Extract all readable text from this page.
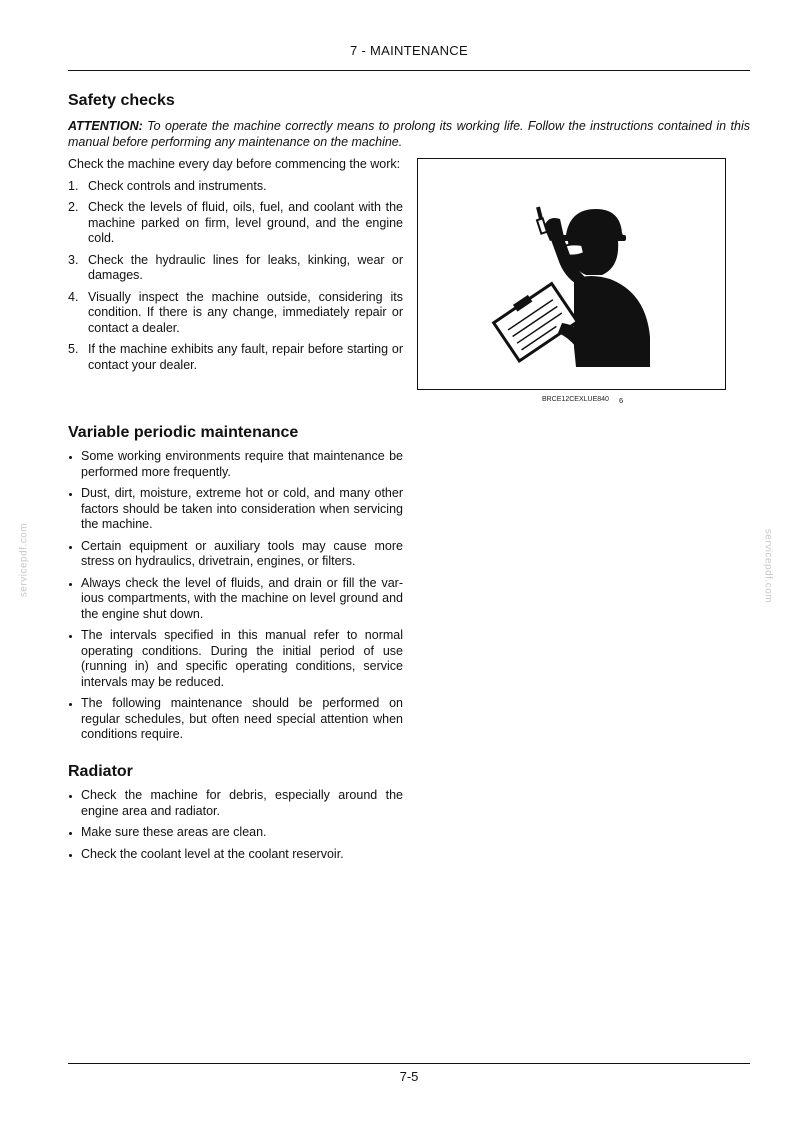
7 - MAINTENANCE
Safety checks

ATTENTION: To operate the machine correctly means to prolong its working life. Follow the instructions contained in this manual before performing any maintenance on the machine.

Check the machine every day before commencing the work:

1. Check controls and instruments.
2. Check the levels of fluid, oils, fuel, and coolant with the machine parked on firm, level ground, and the engine cold.
3. Check the hydraulic lines for leaks, kinking, wear or damages.
4. Visually inspect the machine outside, considering its condition. If there is any change, immediately repair or contact a dealer.
5. If the machine exhibits any fault, repair before starting or contact your dealer.
BRCE12CEXLUE840 6
Variable periodic maintenance
Some working environments require that maintenance be performed more frequently.
Dust, dirt, moisture, extreme hot or cold, and many other factors should be taken into consideration when servicing the machine.
Certain equipment or auxiliary tools may cause more stress on hydraulics, drivetrain, engines, or filters.
Always check the level of fluids, and drain or fill the var-ious compartments, with the machine on level ground and the engine shut down.
The intervals specified in this manual refer to normal operating conditions. During the initial period of use (running in) and specific operating conditions, service intervals may be reduced.
The following maintenance should be performed on regular schedules, but often need special attention when conditions require.
Radiator
Check the machine for debris, especially around the engine area and radiator.
Make sure these areas are clean.
Check the coolant level at the coolant reservoir.
servicepdf.com	servicepdf.com
7-5
